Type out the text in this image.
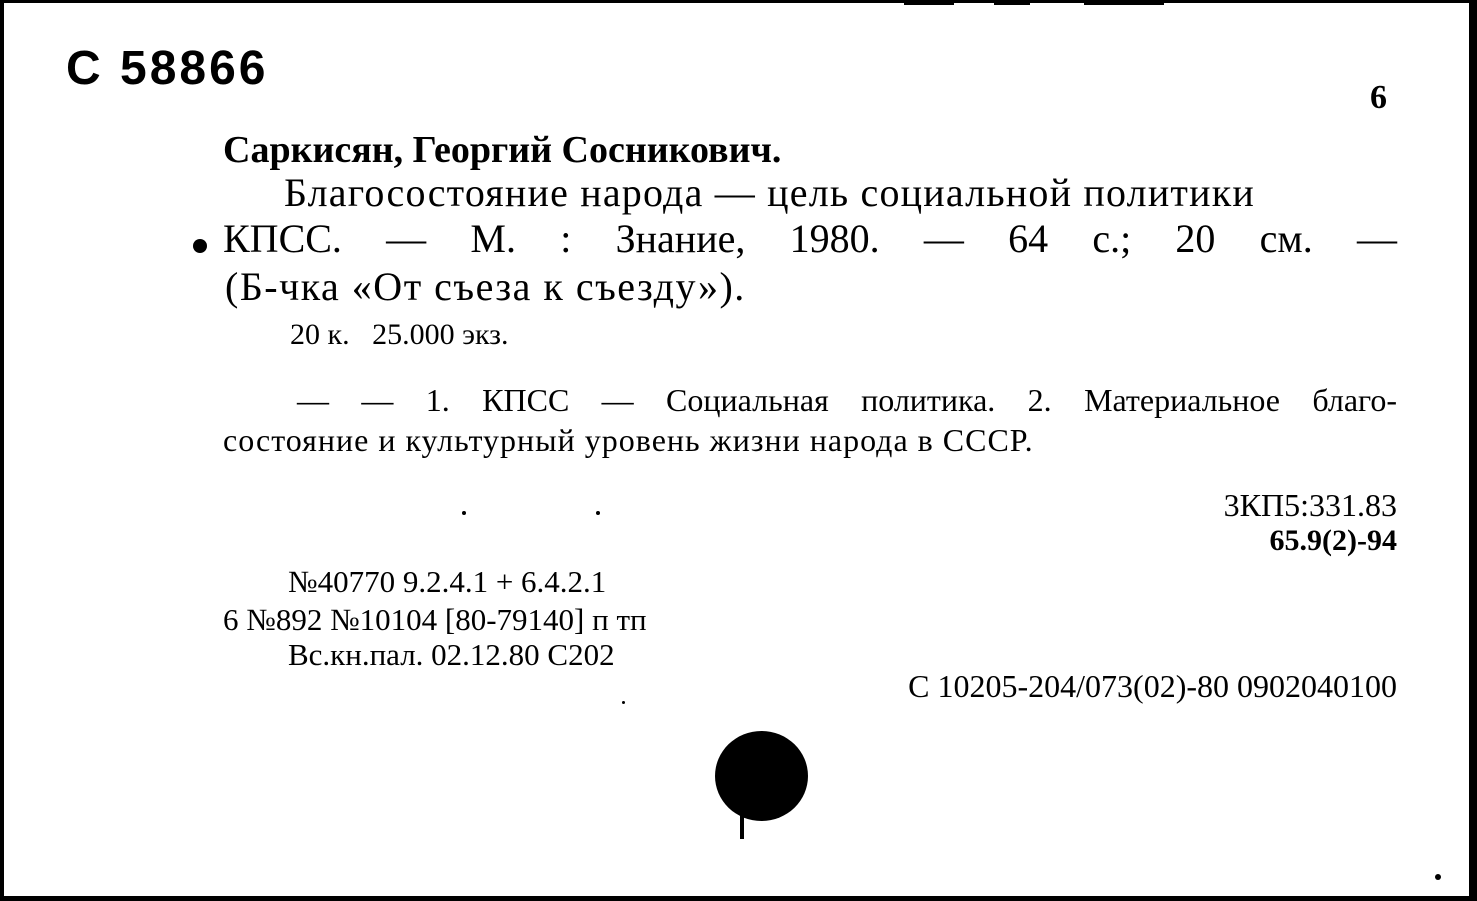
С 58866
6
Саркисян, Георгий Сосникович.
Благосостояние народа — цель социальной политики
КПСС. — М. : Знание, 1980. — 64 с.; 20 см. —
(Б-чка «От съеза к съезду»).
20 к.   25.000 экз.
— — 1. КПСС — Социальная политика. 2. Материальное благо-
состояние и культурный уровень жизни народа в СССР.
3КП5:331.83
65.9(2)-94
№40770 9.2.4.1 + 6.4.2.1
6 №892 №10104 [80-79140] п тп
Вс.кн.пал. 02.12.80 С202
С 10205-204/073(02)-80 0902040100
